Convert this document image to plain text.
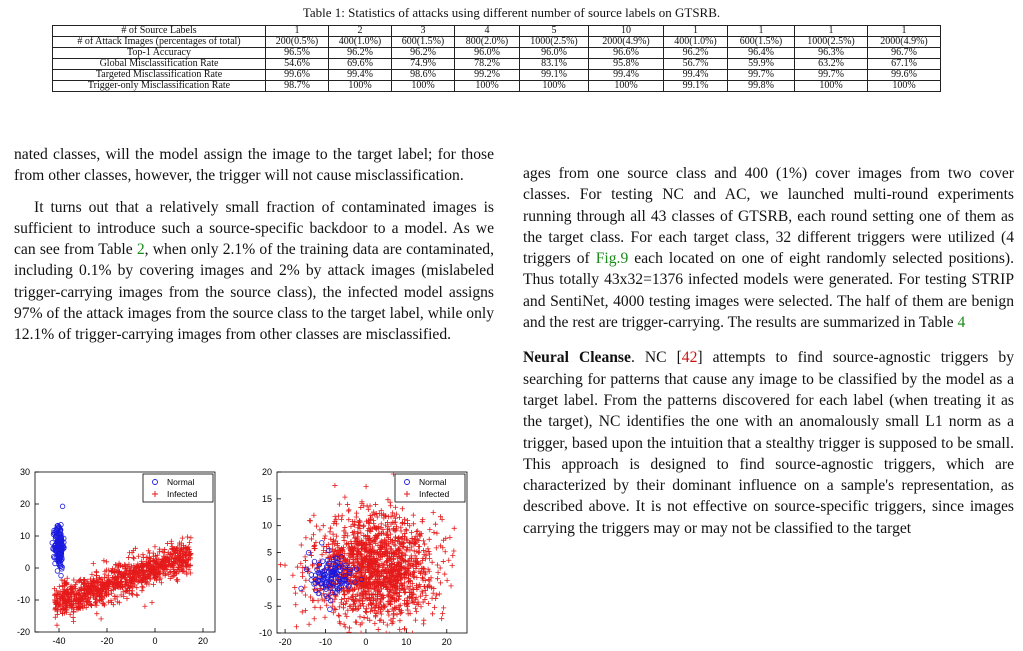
Table 1: Statistics of attacks using different number of source labels on GTSRB.
# of Source Labels	1	2	3	4	5	10	1	1	1	1
# of Attack Images (percentages of total)	200(0.5%)	400(1.0%)	600(1.5%)	800(2.0%)	1000(2.5%)	2000(4.9%)	400(1.0%)	600(1.5%)	1000(2.5%)	2000(4.9%)
Top-1 Accuracy	96.5%	96.2%	96.2%	96.0%	96.0%	96.6%	96.2%	96.4%	96.3%	96.7%
Global Misclassification Rate	54.6%	69.6%	74.9%	78.2%	83.1%	95.8%	56.7%	59.9%	63.2%	67.1%
Targeted Misclassification Rate	99.6%	99.4%	98.6%	99.2%	99.1%	99.4%	99.4%	99.7%	99.7%	99.6%
Trigger-only Misclassification Rate	98.7%	100%	100%	100%	100%	100%	99.1%	99.8%	100%	100%

nated classes, will the model assign the image to the target label; for those from other classes, however, the trigger will not cause misclassification.

It turns out that a relatively small fraction of contaminated images is sufficient to introduce such a source-specific backdoor to a model. As we can see from Table 2, when only 2.1% of the training data are contaminated, including 0.1% by covering images and 2% by attack images (mislabeled trigger-carrying images from the source class), the infected model assigns 97% of the attack images from the source class to the target label, while only 12.1% of trigger-carrying images from other classes are misclassified.

ages from one source class and 400 (1%) cover images from two cover classes. For testing NC and AC, we launched multi-round experiments running through all 43 classes of GTSRB, each round setting one of them as the target class. For each target class, 32 different triggers were utilized (4 triggers of Fig.9 each located on one of eight randomly selected positions). Thus totally 43x32=1376 infected models were generated. For testing STRIP and SentiNet, 4000 testing images were selected. The half of them are benign and the rest are trigger-carrying. The results are summarized in Table 4

Neural Cleanse. NC [42] attempts to find source-agnostic triggers by searching for patterns that cause any image to be classified by the model as a target label. From the patterns discovered for each label (when treating it as the target), NC identifies the one with an anomalously small L1 norm as a trigger, based upon the intuition that a stealthy trigger is supposed to be small. This approach is designed to find source-agnostic triggers, which are characterized by their dominant influence on a sample's representation, as described above. It is not effective on source-specific triggers, since images carrying the triggers may or may not be classified to the target

-40	-20	0	20
30
20
10
0
-10
-20
Normal
Infected
-20	-10	0	10	20
20
15
10
5
0
-5
-10
Normal
Infected
